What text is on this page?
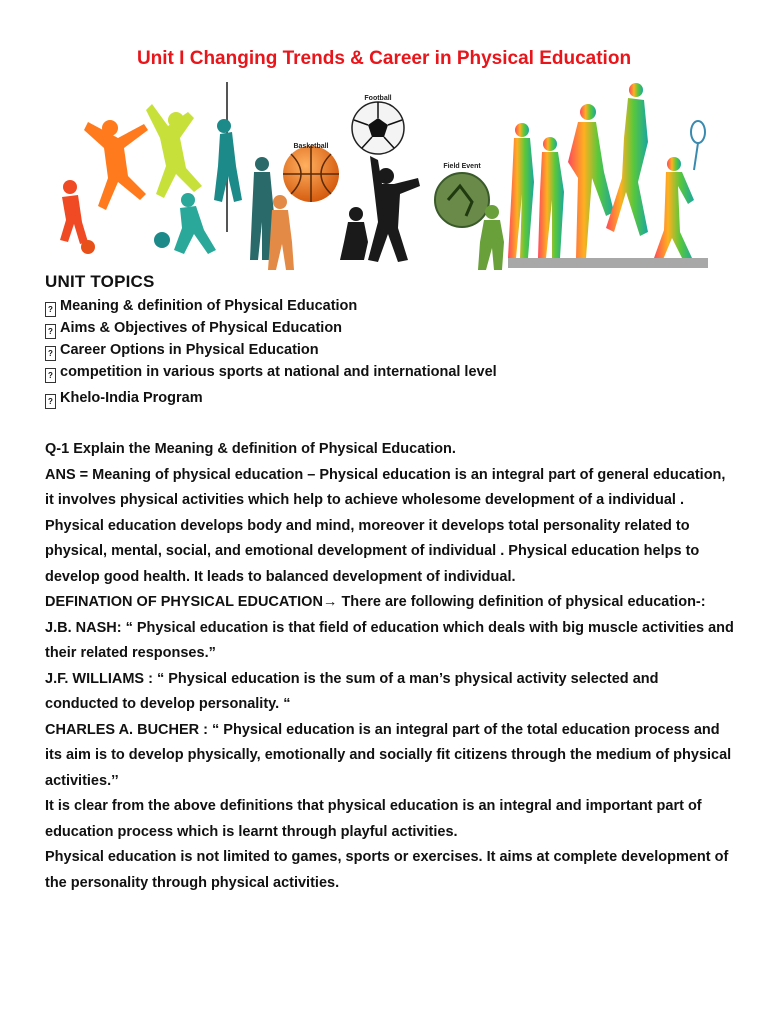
Unit I Changing Trends & Career in Physical Education
Basketball
Football
Field Event
UNIT TOPICS
? Meaning & definition of Physical Education
? Aims & Objectives of Physical Education
? Career Options in Physical Education
? competition in various sports at national and international level
? Khelo-India Program

Q-1 Explain the Meaning & definition of Physical Education.

ANS = Meaning of physical education – Physical education is an integral part of general education, it involves physical activities which help to achieve wholesome development of a individual . Physical education develops body and mind, moreover it develops total personality related to physical, mental, social, and emotional development of individual . Physical education helps to develop good health. It leads to balanced development of individual.

DEFINATION OF PHYSICAL EDUCATION→ There are following definition of physical education-:

J.B. NASH: “ Physical education is that field of education which deals with big muscle activities and their related responses.”

J.F. WILLIAMS : “ Physical education is the sum of a man’s physical activity selected and conducted to develop personality. “

CHARLES A. BUCHER : “ Physical education is an integral part of the total education process and its aim is to develop physically, emotionally and socially fit citizens through the medium of physical activities.’’

It is clear from the above definitions that physical education is an integral and important part of education process which is learnt through playful activities.

Physical education is not limited to games, sports or exercises. It aims at complete development of the personality through physical activities.
